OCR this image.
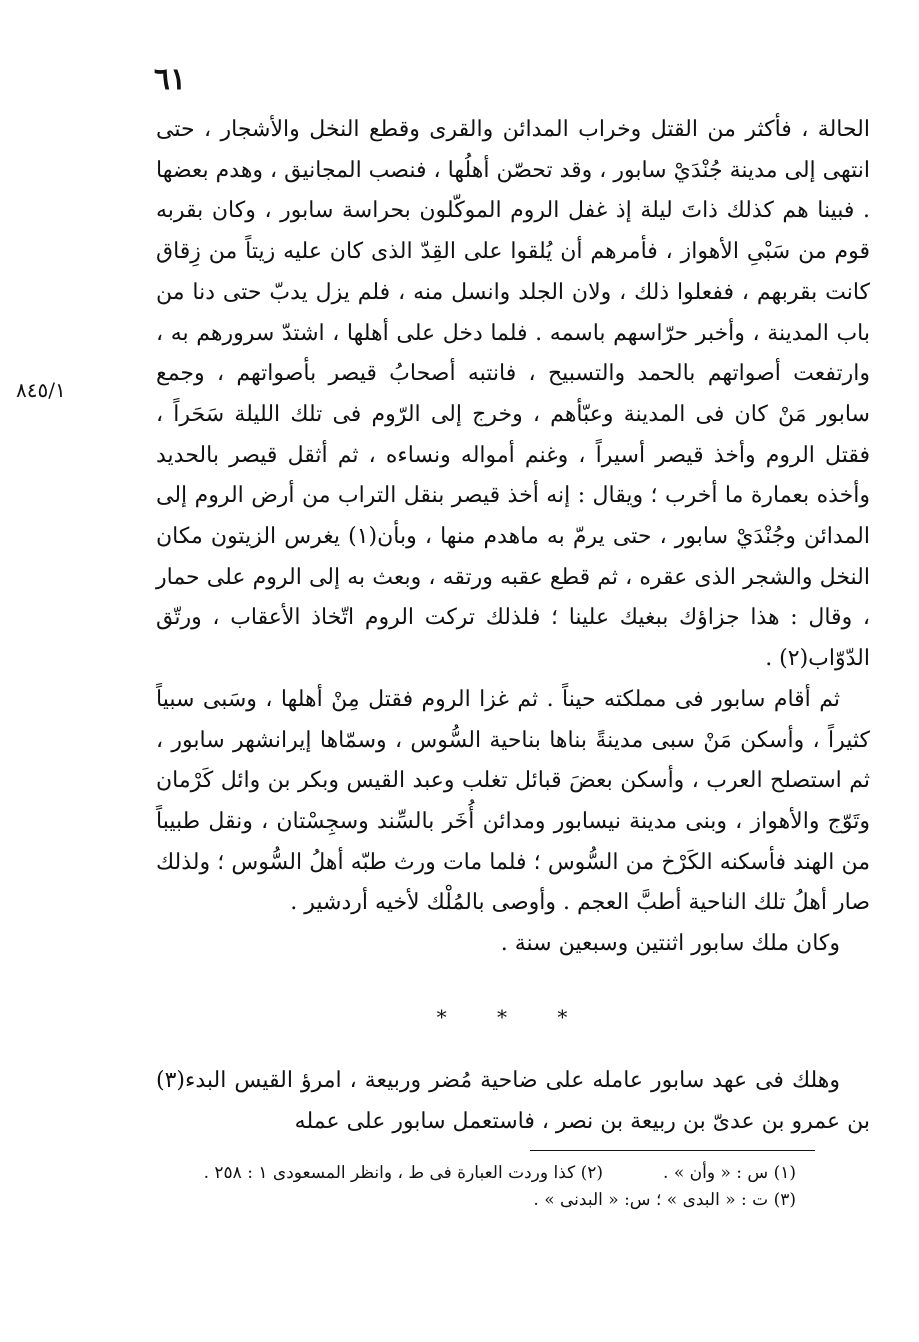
٦١
٨٤٥/١

الحالة ، فأكثر من القتل وخراب المدائن والقرى وقطع النخل والأشجار ، حتى انتهى إلى مدينة جُنْدَيْ سابور ، وقد تحصّن أهلُها ، فنصب المجانيق ، وهدم بعضها . فبينا هم كذلك ذاتَ ليلة إذ غفل الروم الموكّلون بحراسة سابور ، وكان بقربه قوم من سَبْىِ الأهواز ، فأمرهم أن يُلقوا على القِدّ الذى كان عليه زيتاً من زِقاق كانت بقربهم ، ففعلوا ذلك ، ولان الجلد وانسل منه ، فلم يزل يدبّ حتى دنا من باب المدينة ، وأخبر حرّاسهم باسمه . فلما دخل على أهلها ، اشتدّ سرورهم به ، وارتفعت أصواتهم بالحمد والتسبيح ، فانتبه أصحابُ قيصر بأصواتهم ، وجمع سابور مَنْ كان فى المدينة وعبّأهم ، وخرج إلى الرّوم فى تلك الليلة سَحَراً ، فقتل الروم وأخذ قيصر أسيراً ، وغنم أمواله ونساءه ، ثم أثقل قيصر بالحديد وأخذه بعمارة ما أخرب ؛ ويقال : إنه أخذ قيصر بنقل التراب من أرض الروم إلى المدائن وجُنْدَيْ سابور ، حتى يرمّ به ماهدم منها ، وبأن(١) يغرس الزيتون مكان النخل والشجر الذى عقره ، ثم قطع عقبه ورتقه ، وبعث به إلى الروم على حمار ، وقال : هذا جزاؤك ببغيك علينا ؛ فلذلك تركت الروم اتّخاذ الأعقاب ، ورتّق الدّوّاب(٢) .

ثم أقام سابور فى مملكته حيناً . ثم غزا الروم فقتل مِنْ أهلها ، وسَبى سبياً كثيراً ، وأسكن مَنْ سبى مدينةً بناها بناحية السُّوس ، وسمّاها إيرانشهر سابور ، ثم استصلح العرب ، وأسكن بعضَ قبائل تغلب وعبد القيس وبكر بن وائل كَرْمان وتَوّج والأهواز ، وبنى مدينة نيسابور ومدائن أُخَر بالسِّند وسجِسْتان ، ونقل طبيباً من الهند فأسكنه الكَرْخ من السُّوس ؛ فلما مات ورث طبّه أهلُ السُّوس ؛ ولذلك صار أهلُ تلك الناحية أطبَّ العجم . وأوصى بالمُلْك لأخيه أردشير .

وكان ملك سابور اثنتين وسبعين سنة .

* * *

وهلك فى عهد سابور عامله على ضاحية مُضر وربيعة ، امرؤ القيس البدء(٣) بن عمرو بن عدىّ بن ربيعة بن نصر ، فاستعمل سابور على عمله

(١) س : « وأن » .(٢) كذا وردت العبارة فى ط ، وانظر المسعودى ١ : ٢٥٨ .
(٣) ت : « البدى » ؛ س: « البدنى » .
